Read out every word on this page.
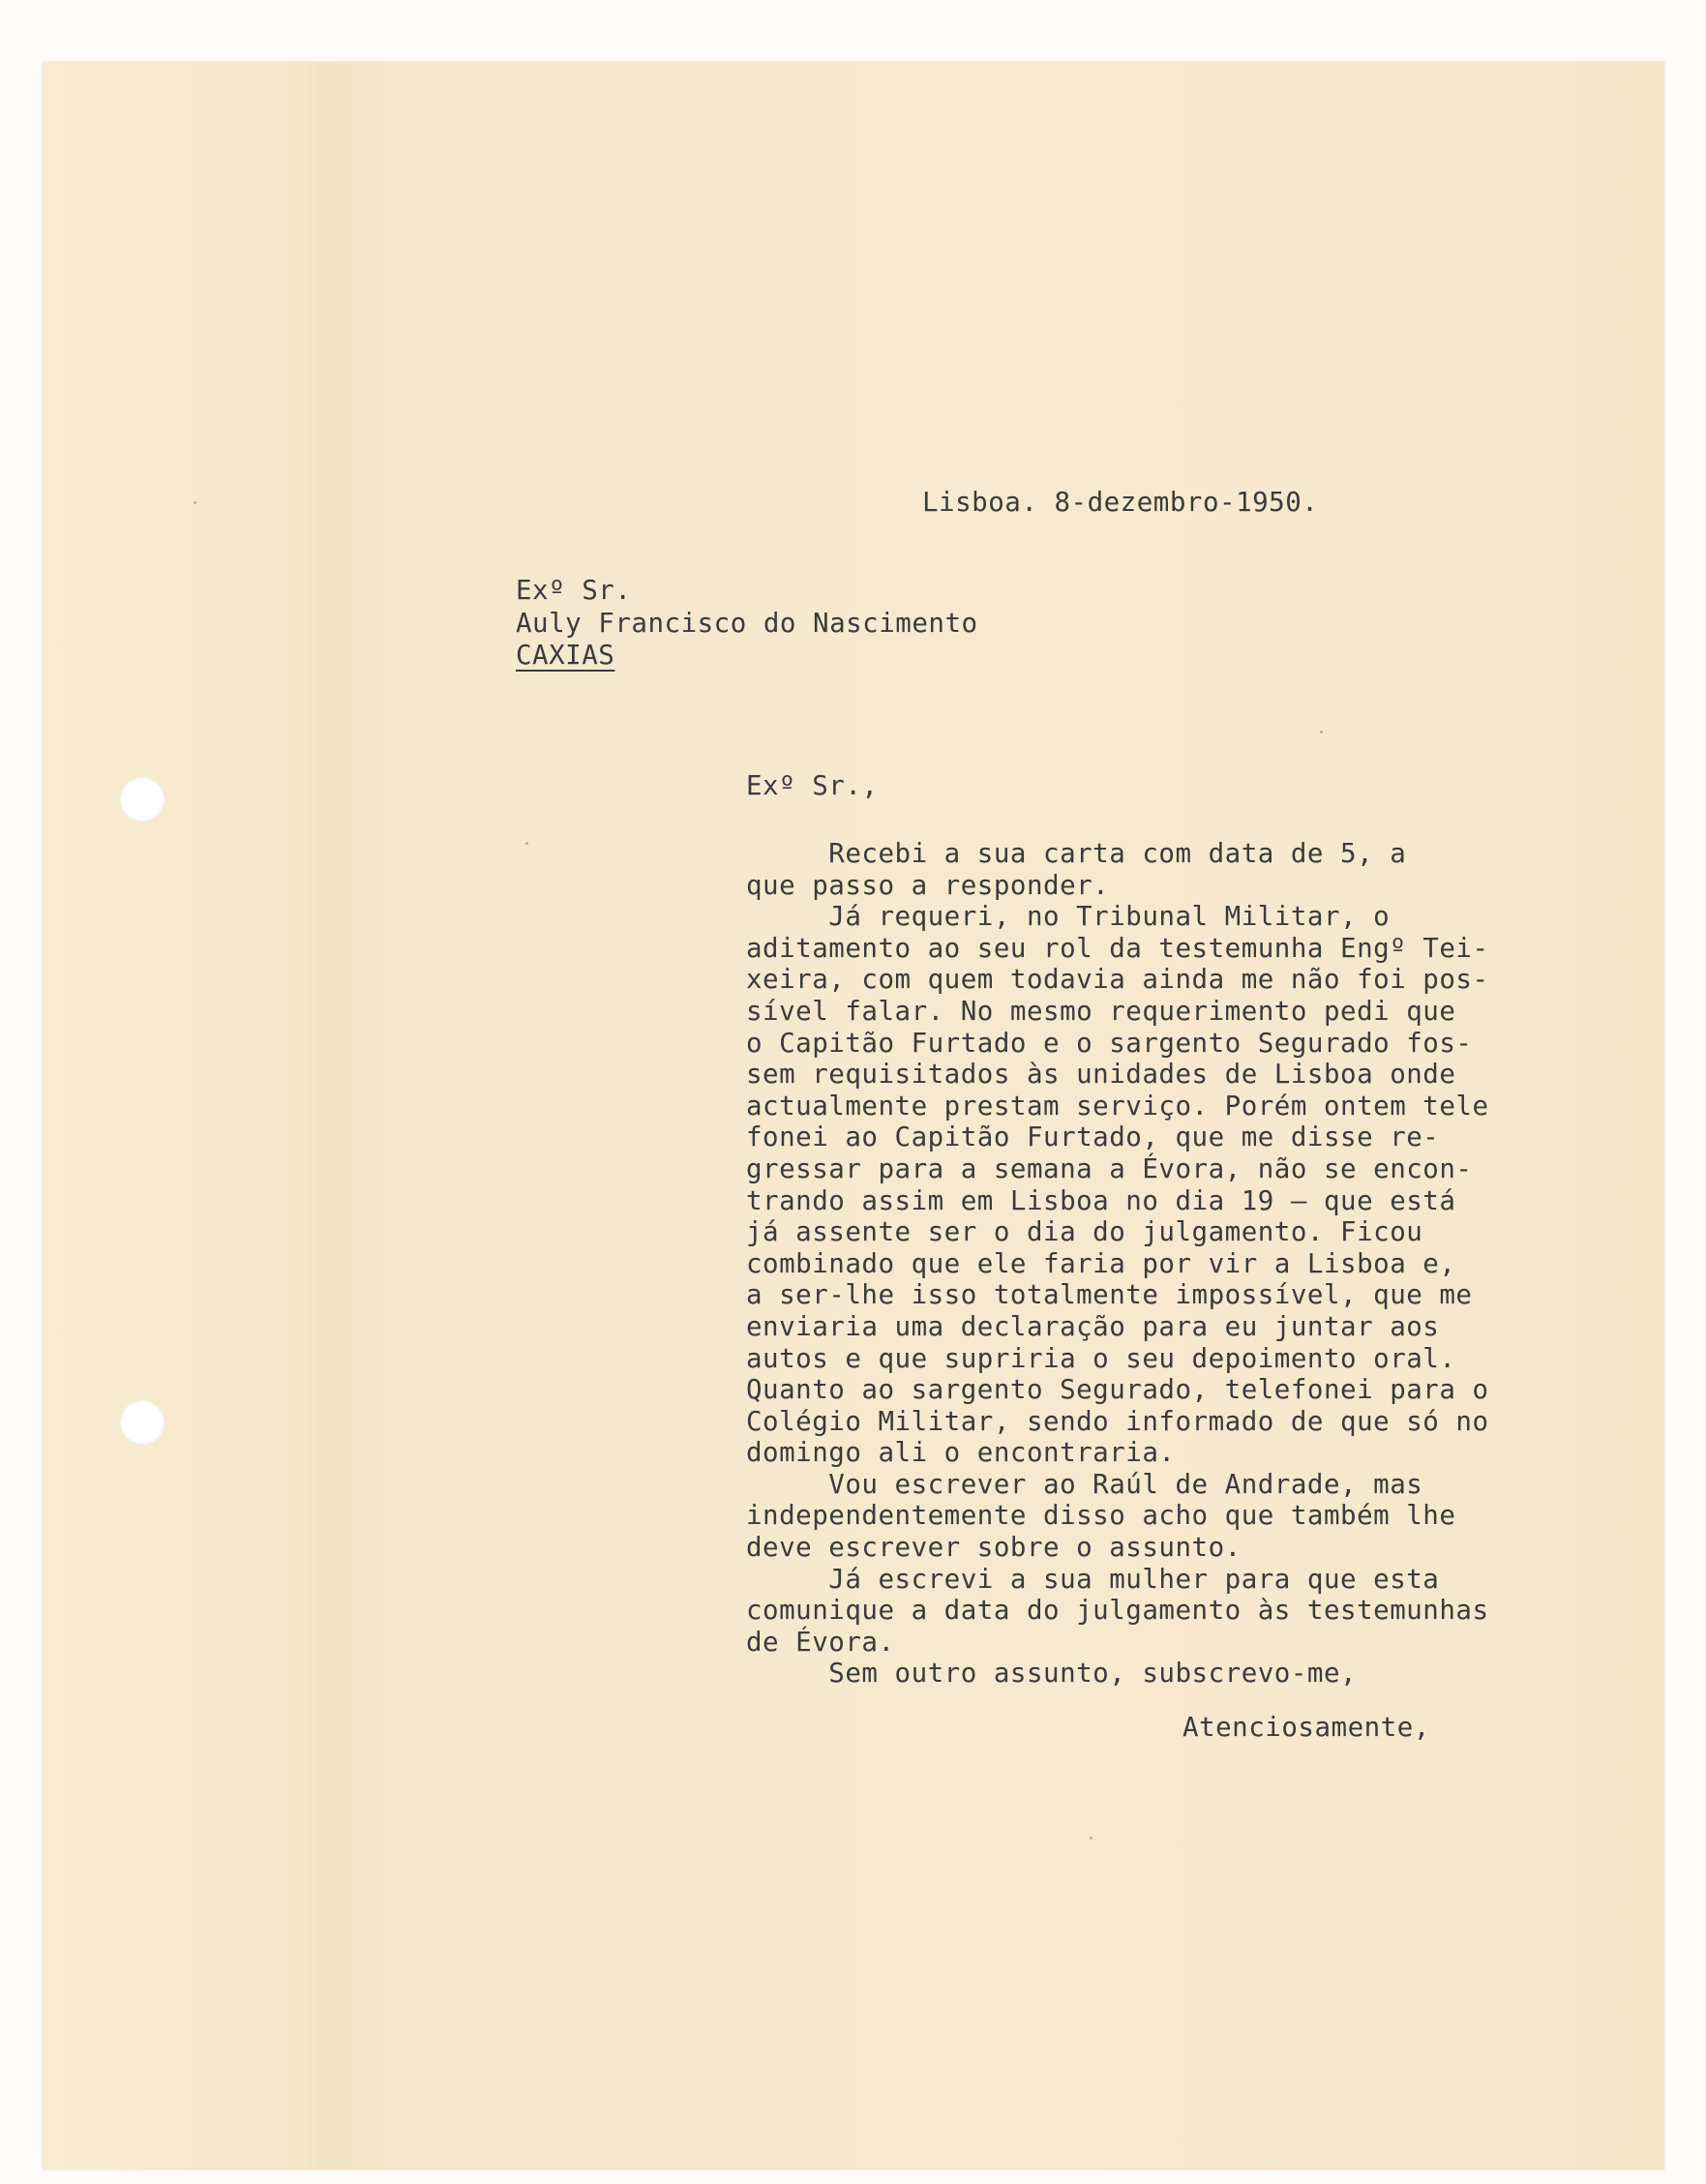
Lisboa. 8-dezembro-1950.
Exº Sr.
Auly Francisco do Nascimento
CAXIAS
Exº Sr.,
Recebi a sua carta com data de 5, a
que passo a responder.
Já requeri, no Tribunal Militar, o
aditamento ao seu rol da testemunha Engº Tei-
xeira, com quem todavia ainda me não foi pos-
sível falar. No mesmo requerimento pedi que
o Capitão Furtado e o sargento Segurado fos-
sem requisitados às unidades de Lisboa onde
actualmente prestam serviço. Porém ontem tele
fonei ao Capitão Furtado, que me disse re-
gressar para a semana a Évora, não se encon-
trando assim em Lisboa no dia 19 — que está
já assente ser o dia do julgamento. Ficou
combinado que ele faria por vir a Lisboa e,
a ser-lhe isso totalmente impossível, que me
enviaria uma declaração para eu juntar aos
autos e que supriria o seu depoimento oral.
Quanto ao sargento Segurado, telefonei para o
Colégio Militar, sendo informado de que só no
domingo ali o encontraria.
Vou escrever ao Raúl de Andrade, mas
independentemente disso acho que também lhe
deve escrever sobre o assunto.
Já escrevi a sua mulher para que esta
comunique a data do julgamento às testemunhas
de Évora.
Sem outro assunto, subscrevo-me,
Atenciosamente,
